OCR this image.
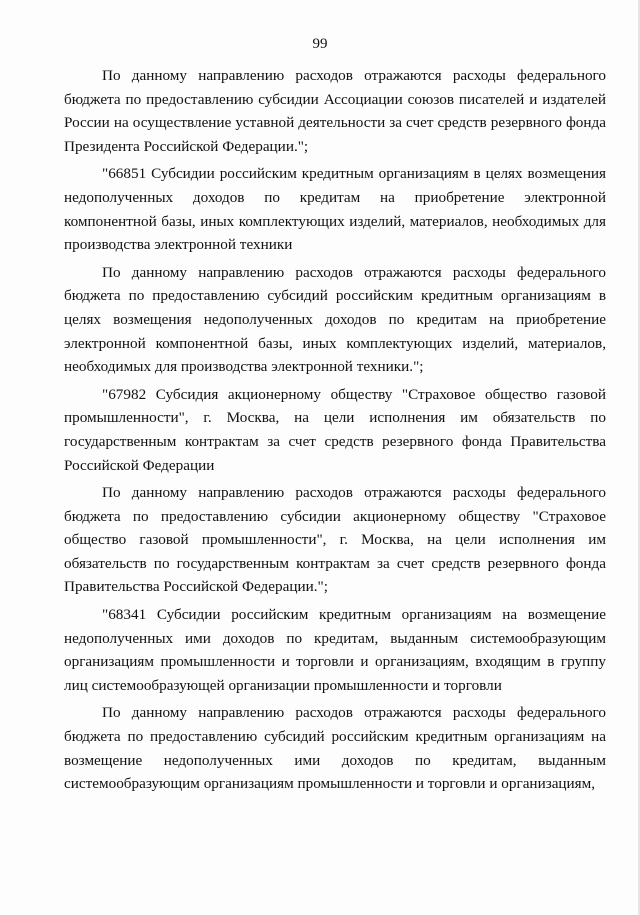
99

По данному направлению расходов отражаются расходы федерального бюджета по предоставлению субсидии Ассоциации союзов писателей и издателей России на осуществление уставной деятельности за счет средств резервного фонда Президента Российской Федерации.";

"66851 Субсидии российским кредитным организациям в целях возмещения недополученных доходов по кредитам на приобретение электронной компонентной базы, иных комплектующих изделий, материалов, необходимых для производства электронной техники

По данному направлению расходов отражаются расходы федерального бюджета по предоставлению субсидий российским кредитным организациям в целях возмещения недополученных доходов по кредитам на приобретение электронной компонентной базы, иных комплектующих изделий, материалов, необходимых для производства электронной техники.";

"67982 Субсидия акционерному обществу "Страховое общество газовой промышленности", г. Москва, на цели исполнения им обязательств по государственным контрактам за счет средств резервного фонда Правительства Российской Федерации

По данному направлению расходов отражаются расходы федерального бюджета по предоставлению субсидии акционерному обществу "Страховое общество газовой промышленности", г. Москва, на цели исполнения им обязательств по государственным контрактам за счет средств резервного фонда Правительства Российской Федерации.";

"68341 Субсидии российским кредитным организациям на возмещение недополученных ими доходов по кредитам, выданным системообразующим организациям промышленности и торговли и организациям, входящим в группу лиц системообразующей организации промышленности и торговли

По данному направлению расходов отражаются расходы федерального бюджета по предоставлению субсидий российским кредитным организациям на возмещение недополученных ими доходов по кредитам, выданным системообразующим организациям промышленности и торговли и организациям,
